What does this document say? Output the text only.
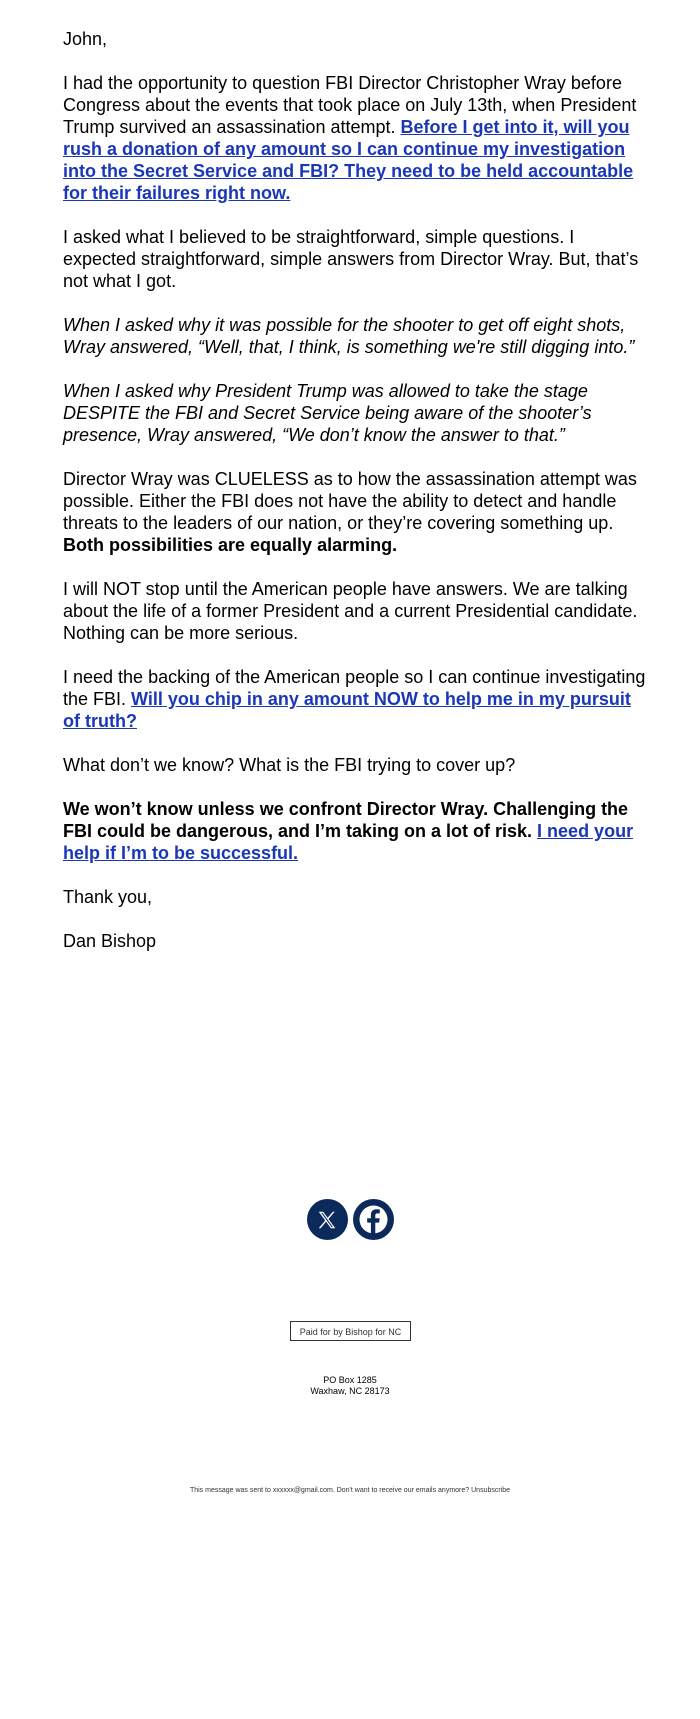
John,

I had the opportunity to question FBI Director Christopher Wray before Congress about the events that took place on July 13th, when President Trump survived an assassination attempt. Before I get into it, will you rush a donation of any amount so I can continue my investigation into the Secret Service and FBI? They need to be held accountable for their failures right now.

I asked what I believed to be straightforward, simple questions. I expected straightforward, simple answers from Director Wray. But, that’s not what I got.

When I asked why it was possible for the shooter to get off eight shots, Wray answered, “Well, that, I think, is something we're still digging into.”

When I asked why President Trump was allowed to take the stage DESPITE the FBI and Secret Service being aware of the shooter’s presence, Wray answered, “We don’t know the answer to that.”

Director Wray was CLUELESS as to how the assassination attempt was possible. Either the FBI does not have the ability to detect and handle threats to the leaders of our nation, or they’re covering something up. Both possibilities are equally alarming.

I will NOT stop until the American people have answers. We are talking about the life of a former President and a current Presidential candidate. Nothing can be more serious.

I need the backing of the American people so I can continue investigating the FBI. Will you chip in any amount NOW to help me in my pursuit of truth?

What don’t we know? What is the FBI trying to cover up?

We won’t know unless we confront Director Wray. Challenging the FBI could be dangerous, and I’m taking on a lot of risk. I need your help if I’m to be successful.

Thank you,

Dan Bishop

Paid for by Bishop for NC
PO Box 1285
Waxhaw, NC 28173
This message was sent to xxxxxx@gmail.com. Don't want to receive our emails anymore? Unsubscribe
